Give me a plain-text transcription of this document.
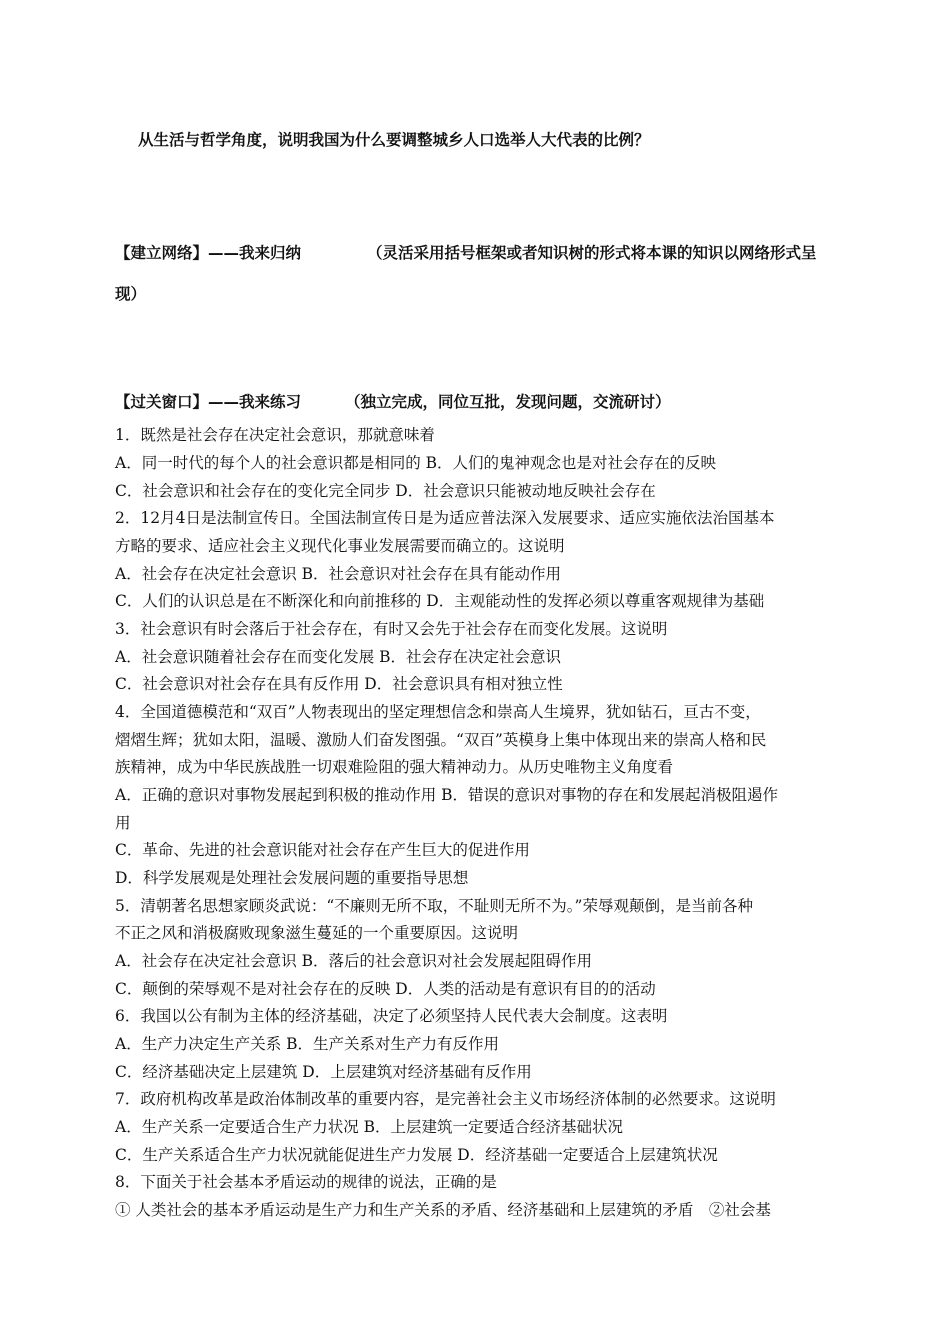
从生活与哲学角度，说明我国为什么要调整城乡人口选举人大代表的比例？
【建立网络】——我来归纳	（灵活采用括号框架或者知识树的形式将本课的知识以网络形式呈
现）
【过关窗口】——我来练习	（独立完成，同位互批，发现问题，交流研讨）
1．既然是社会存在决定社会意识，那就意味着
A．同一时代的每个人的社会意识都是相同的 B．人们的鬼神观念也是对社会存在的反映
C．社会意识和社会存在的变化完全同步 D．社会意识只能被动地反映社会存在
2．12月4日是法制宣传日。全国法制宣传日是为适应普法深入发展要求、适应实施依法治国基本
方略的要求、适应社会主义现代化事业发展需要而确立的。这说明
A．社会存在决定社会意识 B．社会意识对社会存在具有能动作用
C．人们的认识总是在不断深化和向前推移的 D．主观能动性的发挥必须以尊重客观规律为基础
3．社会意识有时会落后于社会存在，有时又会先于社会存在而变化发展。这说明
A．社会意识随着社会存在而变化发展 B．社会存在决定社会意识
C．社会意识对社会存在具有反作用 D．社会意识具有相对独立性
4．全国道德模范和“双百”人物表现出的坚定理想信念和崇高人生境界，犹如钻石，亘古不变，
熠熠生辉；犹如太阳，温暖、激励人们奋发图强。“双百”英模身上集中体现出来的崇高人格和民
族精神，成为中华民族战胜一切艰难险阻的强大精神动力。从历史唯物主义角度看
A．正确的意识对事物发展起到积极的推动作用 B．错误的意识对事物的存在和发展起消极阻遏作
用
C．革命、先进的社会意识能对社会存在产生巨大的促进作用
D．科学发展观是处理社会发展问题的重要指导思想
5．清朝著名思想家顾炎武说：“不廉则无所不取，不耻则无所不为。”荣辱观颠倒，是当前各种
不正之风和消极腐败现象滋生蔓延的一个重要原因。这说明
A．社会存在决定社会意识 B．落后的社会意识对社会发展起阻碍作用
C．颠倒的荣辱观不是对社会存在的反映 D．人类的活动是有意识有目的的活动
6．我国以公有制为主体的经济基础，决定了必须坚持人民代表大会制度。这表明
A．生产力决定生产关系 B．生产关系对生产力有反作用
C．经济基础决定上层建筑 D．上层建筑对经济基础有反作用
7．政府机构改革是政治体制改革的重要内容，是完善社会主义市场经济体制的必然要求。这说明
A．生产关系一定要适合生产力状况 B．上层建筑一定要适合经济基础状况
C．生产关系适合生产力状况就能促进生产力发展 D．经济基础一定要适合上层建筑状况
8．下面关于社会基本矛盾运动的规律的说法，正确的是
① 人类社会的基本矛盾运动是生产力和生产关系的矛盾、经济基础和上层建筑的矛盾　②社会基
